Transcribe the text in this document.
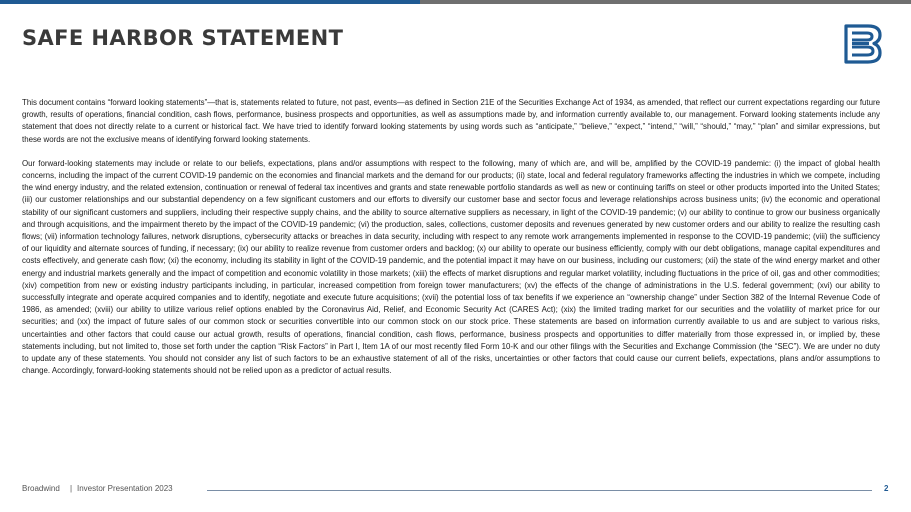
SAFE HARBOR STATEMENT

This document contains “forward looking statements”—that is, statements related to future, not past, events—as defined in Section 21E of the Securities Exchange Act of 1934, as amended, that reflect our current expectations regarding our future growth, results of operations, financial condition, cash flows, performance, business prospects and opportunities, as well as assumptions made by, and information currently available to, our management. Forward looking statements include any statement that does not directly relate to a current or historical fact. We have tried to identify forward looking statements by using words such as “anticipate,” “believe,” “expect,” “intend,” “will,” “should,” “may,” “plan” and similar expressions, but these words are not the exclusive means of identifying forward looking statements.

Our forward-looking statements may include or relate to our beliefs, expectations, plans and/or assumptions with respect to the following, many of which are, and will be, amplified by the COVID-19 pandemic: (i) the impact of global health concerns, including the impact of the current COVID-19 pandemic on the economies and financial markets and the demand for our products; (ii) state, local and federal regulatory frameworks affecting the industries in which we compete, including the wind energy industry, and the related extension, continuation or renewal of federal tax incentives and grants and state renewable portfolio standards as well as new or continuing tariffs on steel or other products imported into the United States; (iii) our customer relationships and our substantial dependency on a few significant customers and our efforts to diversify our customer base and sector focus and leverage relationships across business units; (iv) the economic and operational stability of our significant customers and suppliers, including their respective supply chains, and the ability to source alternative suppliers as necessary, in light of the COVID-19 pandemic; (v) our ability to continue to grow our business organically and through acquisitions, and the impairment thereto by the impact of the COVID-19 pandemic; (vi) the production, sales, collections, customer deposits and revenues generated by new customer orders and our ability to realize the resulting cash flows; (vii) information technology failures, network disruptions, cybersecurity attacks or breaches in data security, including with respect to any remote work arrangements implemented in response to the COVID-19 pandemic; (viii) the sufficiency of our liquidity and alternate sources of funding, if necessary; (ix) our ability to realize revenue from customer orders and backlog; (x) our ability to operate our business efficiently, comply with our debt obligations, manage capital expenditures and costs effectively, and generate cash flow; (xi) the economy, including its stability in light of the COVID-19 pandemic, and the potential impact it may have on our business, including our customers; (xii) the state of the wind energy market and other energy and industrial markets generally and the impact of competition and economic volatility in those markets; (xiii) the effects of market disruptions and regular market volatility, including fluctuations in the price of oil, gas and other commodities; (xiv) competition from new or existing industry participants including, in particular, increased competition from foreign tower manufacturers; (xv) the effects of the change of administrations in the U.S. federal government; (xvi) our ability to successfully integrate and operate acquired companies and to identify, negotiate and execute future acquisitions; (xvii) the potential loss of tax benefits if we experience an “ownership change” under Section 382 of the Internal Revenue Code of 1986, as amended; (xviii) our ability to utilize various relief options enabled by the Coronavirus Aid, Relief, and Economic Security Act (CARES Act); (xix) the limited trading market for our securities and the volatility of market price for our securities; and (xx) the impact of future sales of our common stock or securities convertible into our common stock on our stock price. These statements are based on information currently available to us and are subject to various risks, uncertainties and other factors that could cause our actual growth, results of operations, financial condition, cash flows, performance, business prospects and opportunities to differ materially from those expressed in, or implied by, these statements including, but not limited to, those set forth under the caption “Risk Factors” in Part I, Item 1A of our most recently filed Form 10-K and our other filings with the Securities and Exchange Commission (the “SEC”). We are under no duty to update any of these statements. You should not consider any list of such factors to be an exhaustive statement of all of the risks, uncertainties or other factors that could cause our current beliefs, expectations, plans and/or assumptions to change. Accordingly, forward-looking statements should not be relied upon as a predictor of actual results.

Broadwind | Investor Presentation 2023	2
